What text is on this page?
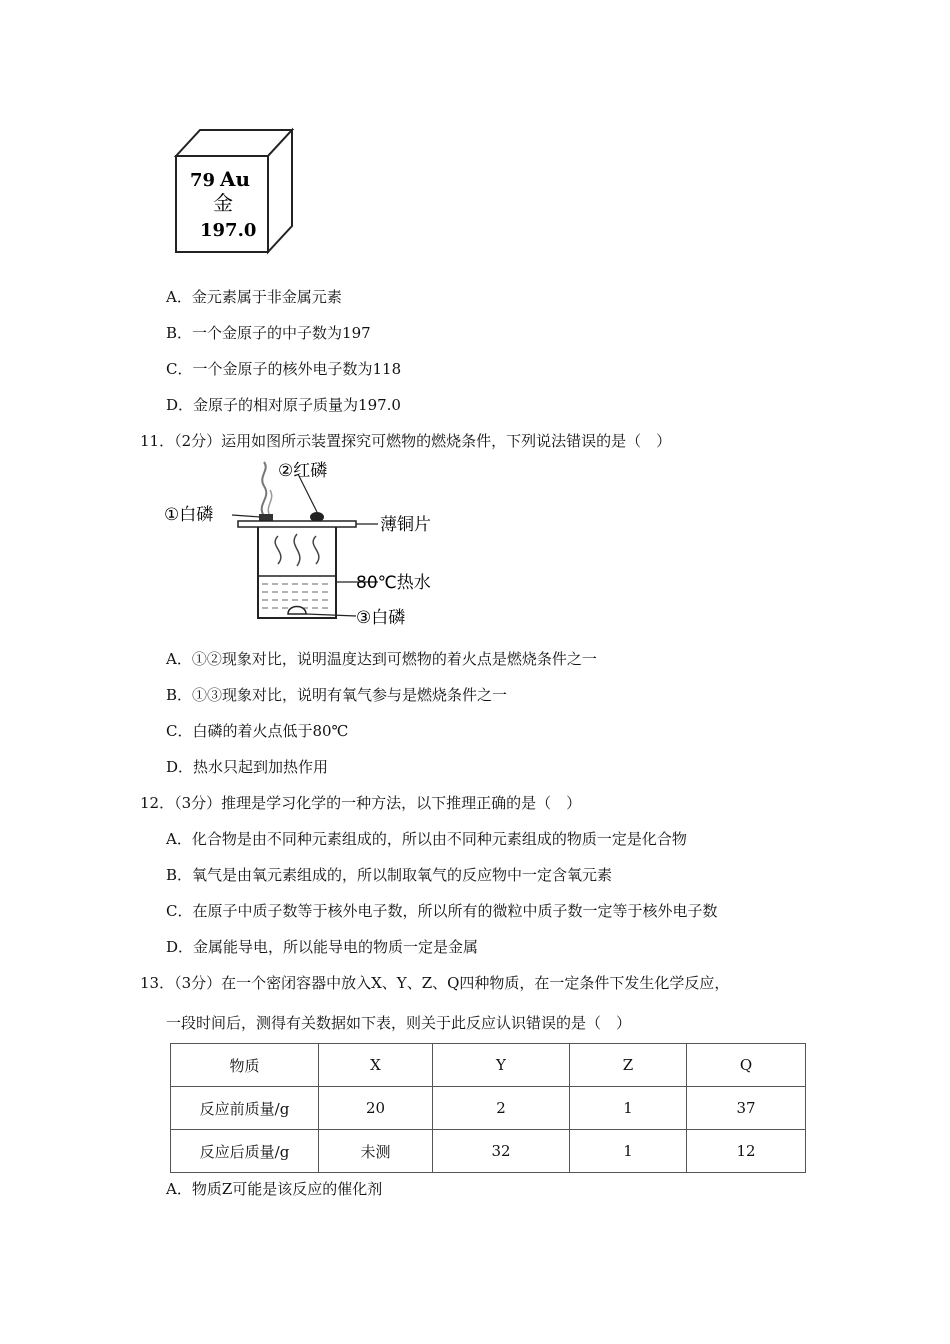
79 Au
金
197.0
A．金元素属于非金属元素
B．一个金原子的中子数为197
C．一个金原子的核外电子数为118
D．金原子的相对原子质量为197.0
11．（2分）运用如图所示装置探究可燃物的燃烧条件，下列说法错误的是（　）
②红磷
①白磷	薄铜片
80℃热水
③白磷
A．①②现象对比，说明温度达到可燃物的着火点是燃烧条件之一
B．①③现象对比，说明有氧气参与是燃烧条件之一
C．白磷的着火点低于80℃
D．热水只起到加热作用
12．（3分）推理是学习化学的一种方法，以下推理正确的是（　）
A．化合物是由不同种元素组成的，所以由不同种元素组成的物质一定是化合物
B．氧气是由氧元素组成的，所以制取氧气的反应物中一定含氧元素
C．在原子中质子数等于核外电子数，所以所有的微粒中质子数一定等于核外电子数
D．金属能导电，所以能导电的物质一定是金属
13．（3分）在一个密闭容器中放入X、Y、Z、Q四种物质，在一定条件下发生化学反应，
一段时间后，测得有关数据如下表，则关于此反应认识错误的是（　）
物质	X	Y	Z	Q
反应前质量/g	20	2	1	37
反应后质量/g	未测	32	1	12
A．物质Z可能是该反应的催化剂
